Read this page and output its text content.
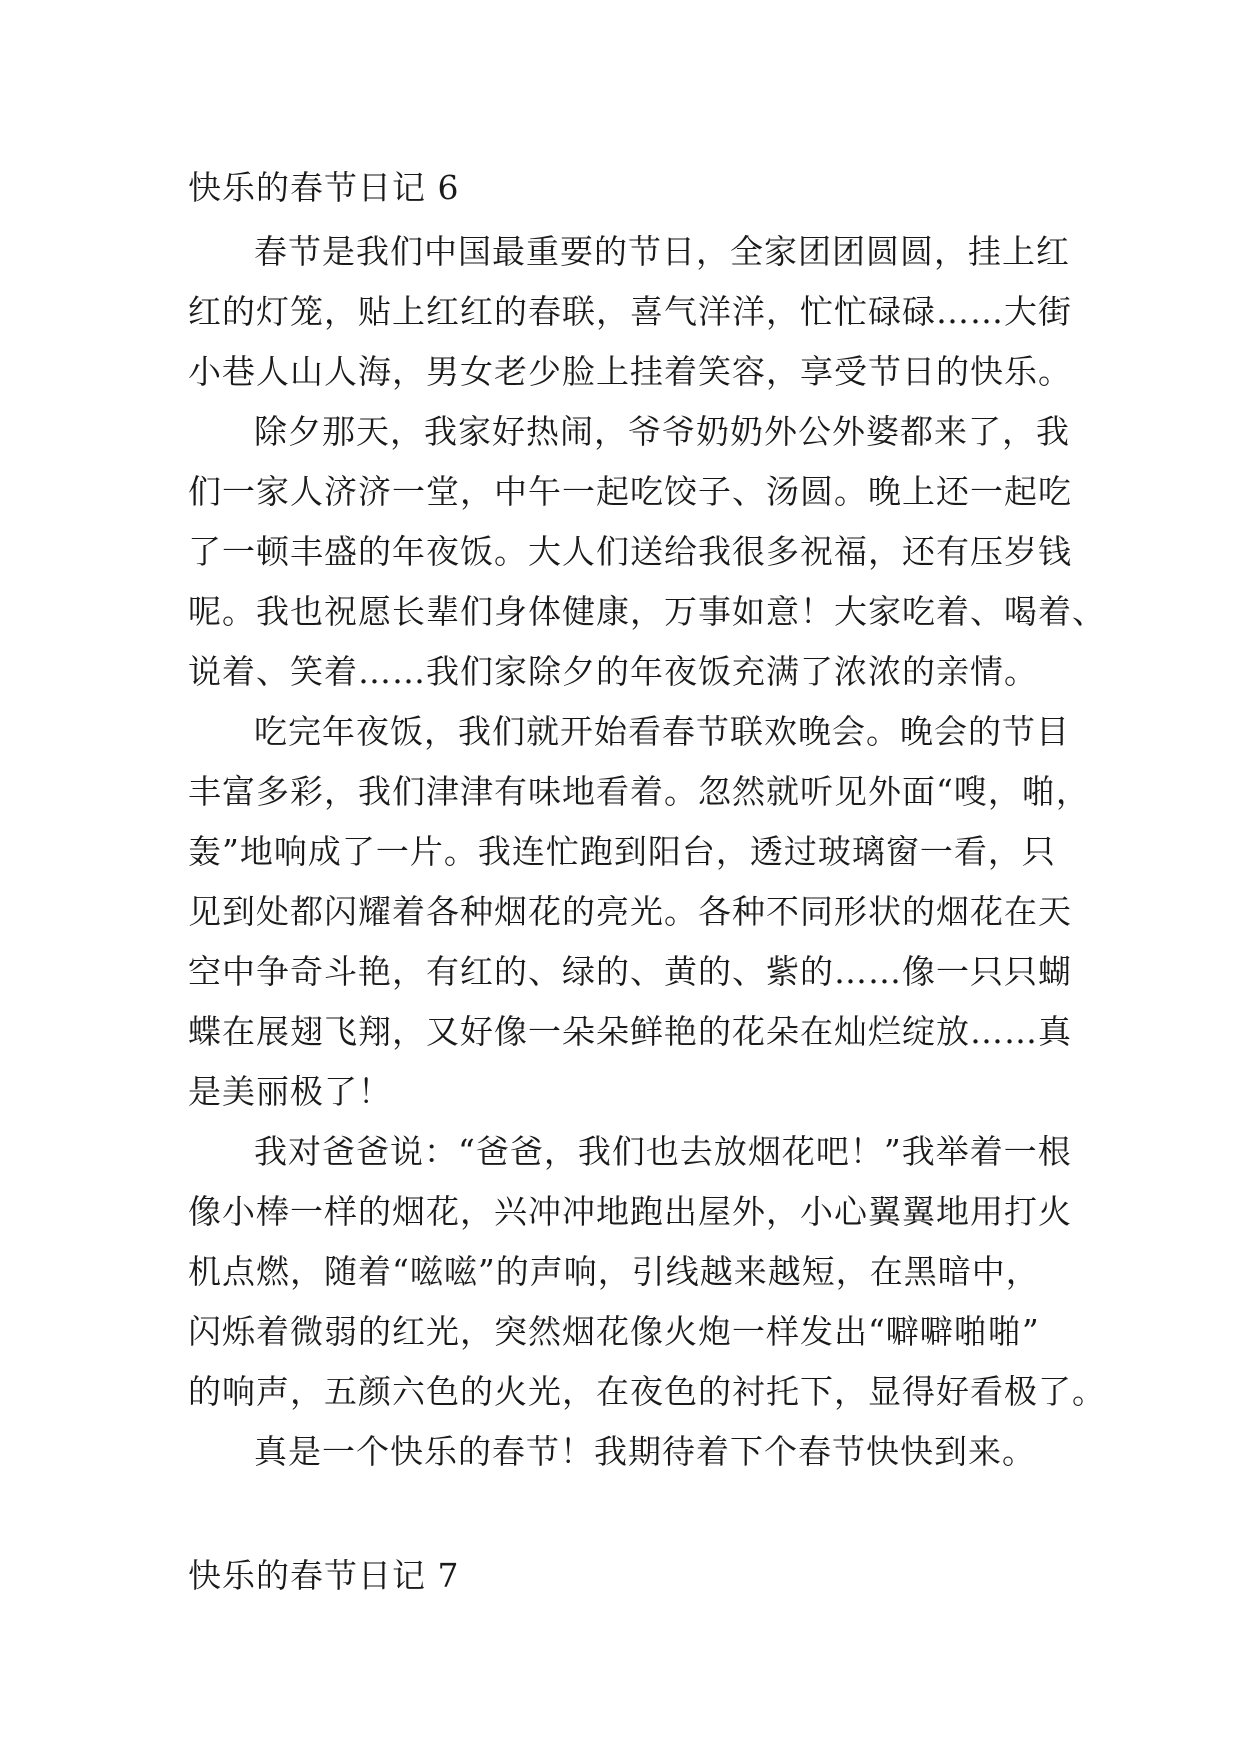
快乐的春节日记 6
春节是我们中国最重要的节日，全家团团圆圆，挂上红
红的灯笼，贴上红红的春联，喜气洋洋，忙忙碌碌……大街
小巷人山人海，男女老少脸上挂着笑容，享受节日的快乐。
除夕那天，我家好热闹，爷爷奶奶外公外婆都来了，我
们一家人济济一堂，中午一起吃饺子、汤圆。晚上还一起吃
了一顿丰盛的年夜饭。大人们送给我很多祝福，还有压岁钱
呢。我也祝愿长辈们身体健康，万事如意！大家吃着、喝着、
说着、笑着……我们家除夕的年夜饭充满了浓浓的亲情。
吃完年夜饭，我们就开始看春节联欢晚会。晚会的节目
丰富多彩，我们津津有味地看着。忽然就听见外面“嗖，啪，
轰”地响成了一片。我连忙跑到阳台，透过玻璃窗一看，只
见到处都闪耀着各种烟花的亮光。各种不同形状的烟花在天
空中争奇斗艳，有红的、绿的、黄的、紫的……像一只只蝴
蝶在展翅飞翔，又好像一朵朵鲜艳的花朵在灿烂绽放……真
是美丽极了！
我对爸爸说：“爸爸，我们也去放烟花吧！”我举着一根
像小棒一样的烟花，兴冲冲地跑出屋外，小心翼翼地用打火
机点燃，随着“嗞嗞”的声响，引线越来越短，在黑暗中，
闪烁着微弱的红光，突然烟花像火炮一样发出“噼噼啪啪”
的响声，五颜六色的火光，在夜色的衬托下，显得好看极了。
真是一个快乐的春节！我期待着下个春节快快到来。
快乐的春节日记 7
